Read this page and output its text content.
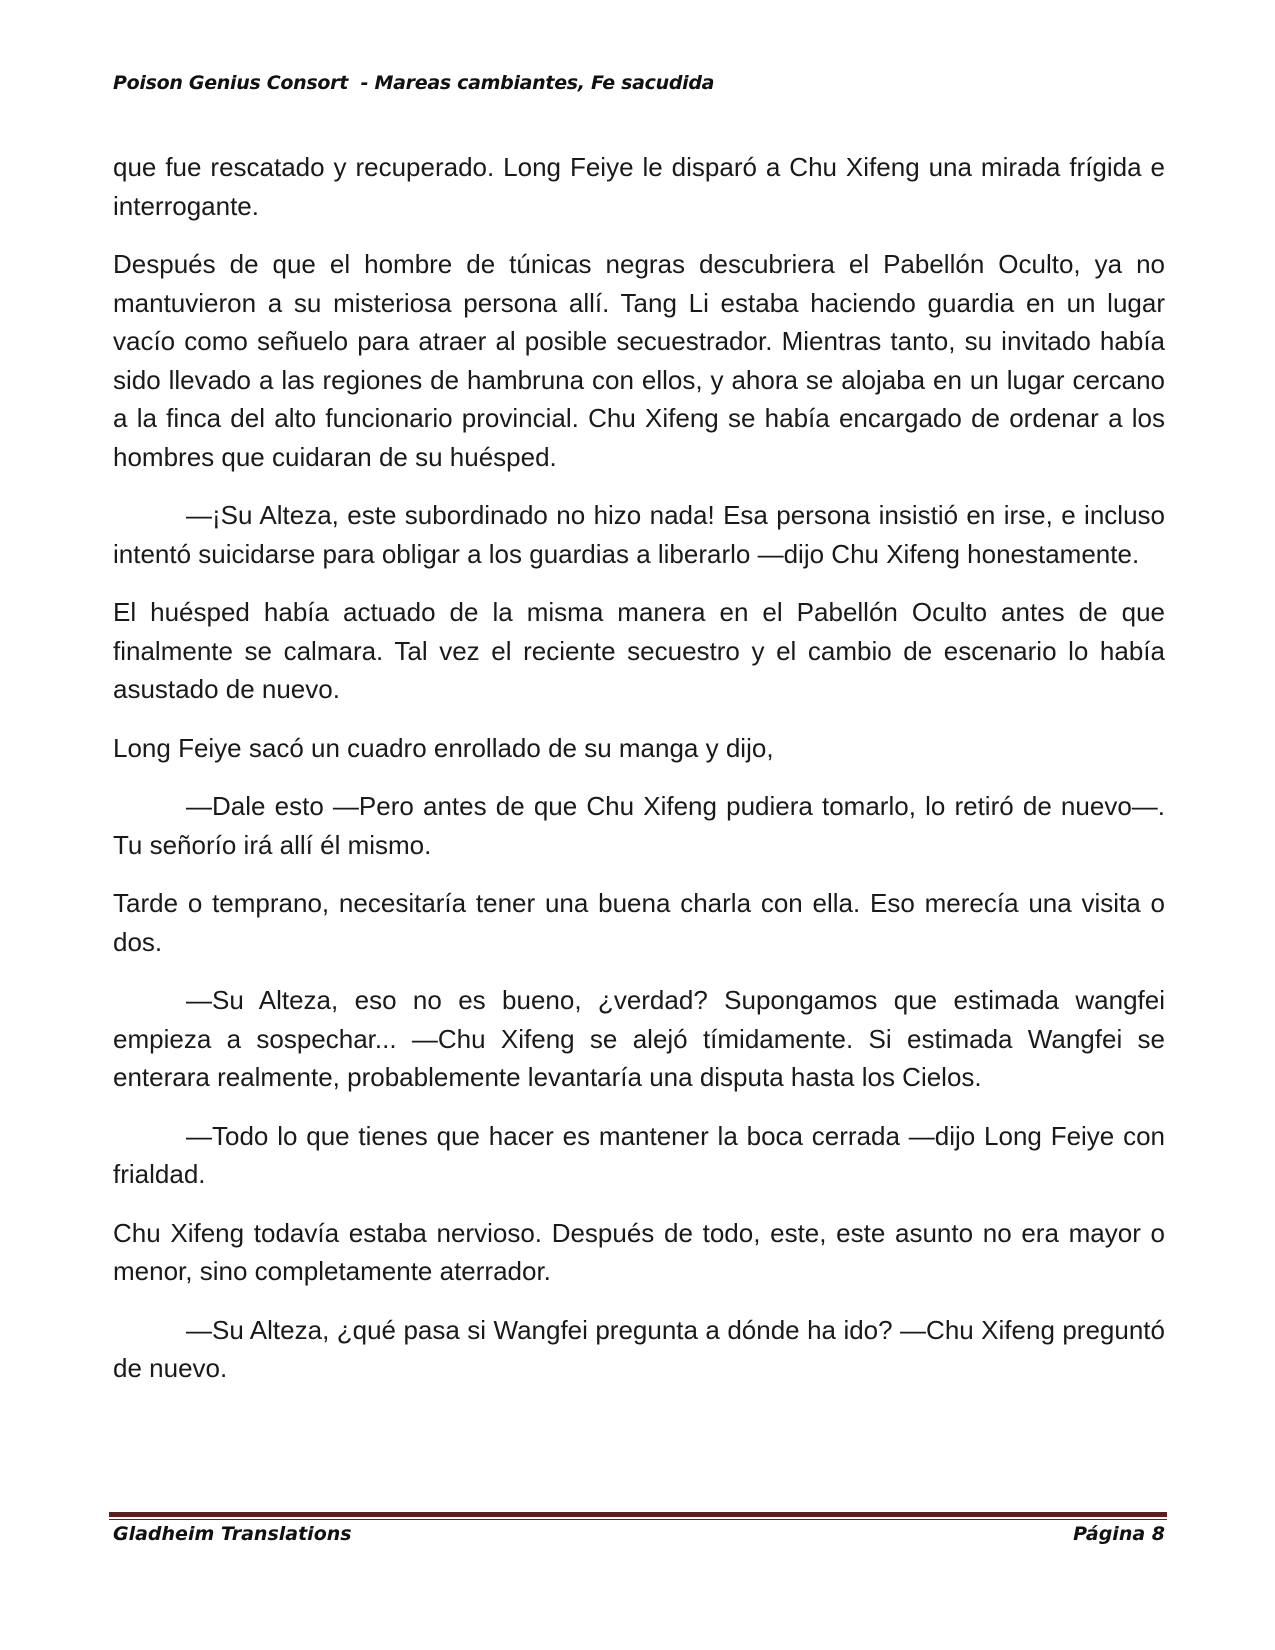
Poison Genius Consort  - Mareas cambiantes, Fe sacudida

que fue rescatado y recuperado. Long Feiye le disparó a Chu Xifeng una mirada frígida e interrogante.

Después de que el hombre de túnicas negras descubriera el Pabellón Oculto, ya no mantuvieron a su misteriosa persona allí. Tang Li estaba haciendo guardia en un lugar vacío como señuelo para atraer al posible secuestrador. Mientras tanto, su invitado había sido llevado a las regiones de hambruna con ellos, y ahora se alojaba en un lugar cercano a la finca del alto funcionario provincial. Chu Xifeng se había encargado de ordenar a los hombres que cuidaran de su huésped.

—¡Su Alteza, este subordinado no hizo nada! Esa persona insistió en irse, e incluso intentó suicidarse para obligar a los guardias a liberarlo —dijo Chu Xifeng honestamente.

El huésped había actuado de la misma manera en el Pabellón Oculto antes de que finalmente se calmara. Tal vez el reciente secuestro y el cambio de escenario lo había asustado de nuevo.

Long Feiye sacó un cuadro enrollado de su manga y dijo,

—Dale esto —Pero antes de que Chu Xifeng pudiera tomarlo, lo retiró de nuevo—. Tu señorío irá allí él mismo.

Tarde o temprano, necesitaría tener una buena charla con ella. Eso merecía una visita o dos.

—Su Alteza, eso no es bueno, ¿verdad? Supongamos que estimada wangfei empieza a sospechar... —Chu Xifeng se alejó tímidamente. Si estimada Wangfei se enterara realmente, probablemente levantaría una disputa hasta los Cielos.

—Todo lo que tienes que hacer es mantener la boca cerrada —dijo Long Feiye con frialdad.

Chu Xifeng todavía estaba nervioso. Después de todo, este, este asunto no era mayor o menor, sino completamente aterrador.

—Su Alteza, ¿qué pasa si Wangfei pregunta a dónde ha ido? —Chu Xifeng preguntó de nuevo.

Gladheim Translations	Página 8
